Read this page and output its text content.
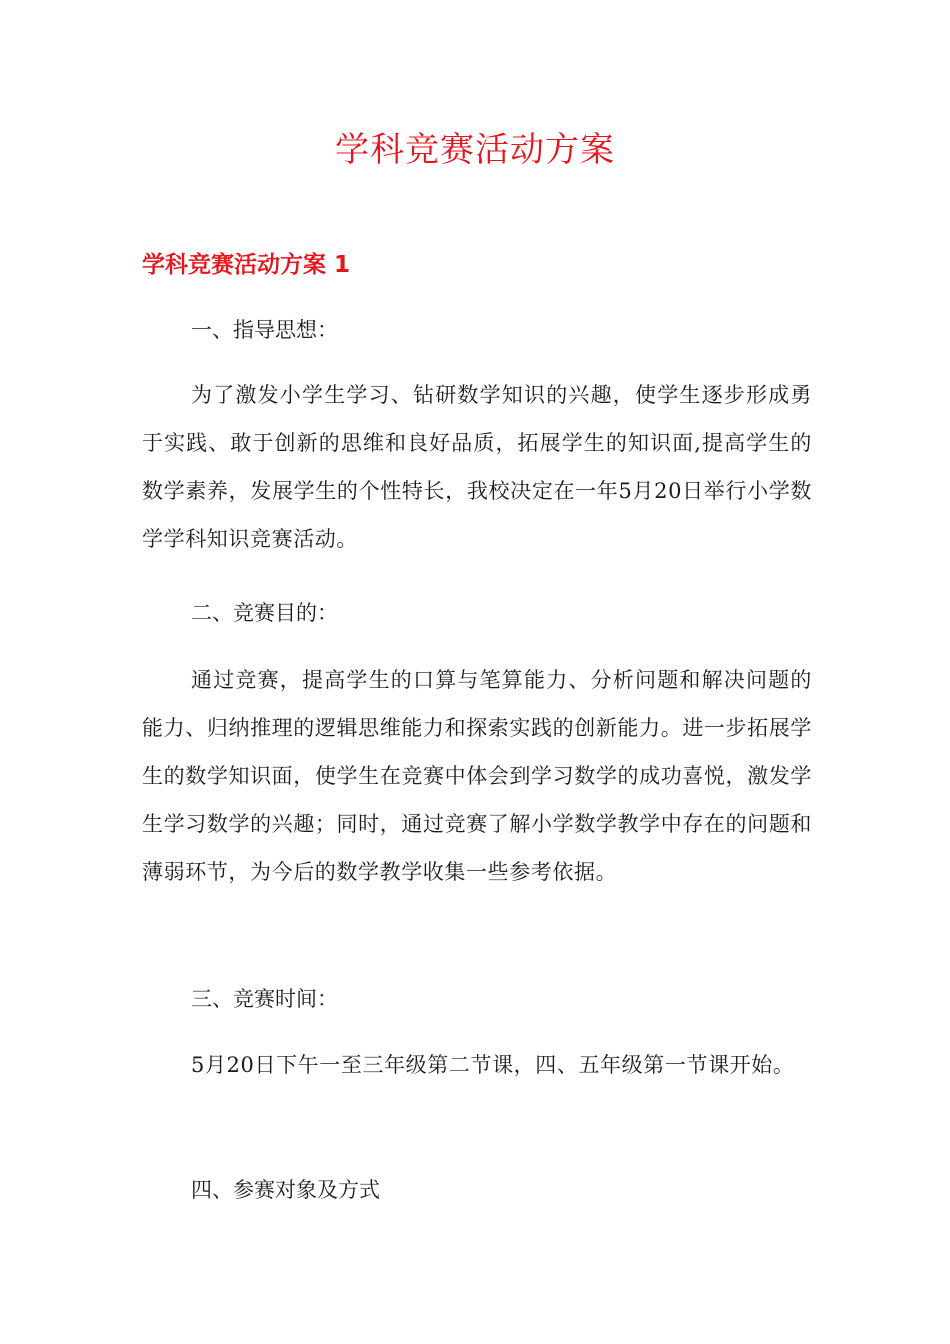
学科竞赛活动方案
学科竞赛活动方案 1

一、指导思想：

为了激发小学生学习、钻研数学知识的兴趣，使学生逐步形成勇于实践、敢于创新的思维和良好品质，拓展学生的知识面,提高学生的数学素养，发展学生的个性特长，我校决定在一年5月20日举行小学数学学科知识竞赛活动。

二、竞赛目的：

通过竞赛，提高学生的口算与笔算能力、分析问题和解决问题的能力、归纳推理的逻辑思维能力和探索实践的创新能力。进一步拓展学生的数学知识面，使学生在竞赛中体会到学习数学的成功喜悦，激发学生学习数学的兴趣；同时，通过竞赛了解小学数学教学中存在的问题和薄弱环节，为今后的数学教学收集一些参考依据。

三、竞赛时间：

5月20日下午一至三年级第二节课，四、五年级第一节课开始。

四、参赛对象及方式
